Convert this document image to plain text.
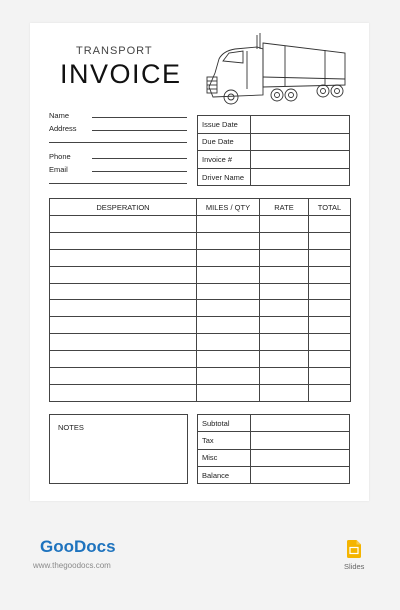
TRANSPORT
INVOICE
Name
Address
Phone
Email
Issue Date	
Due Date	
Invoice #	
Driver Name	
DESPERATION	MILES / QTY	RATE	TOTAL

NOTES	Subtotal	
Tax	
Misc	
Balance	
GooDocs
www.thegoodocs.com	Slides
